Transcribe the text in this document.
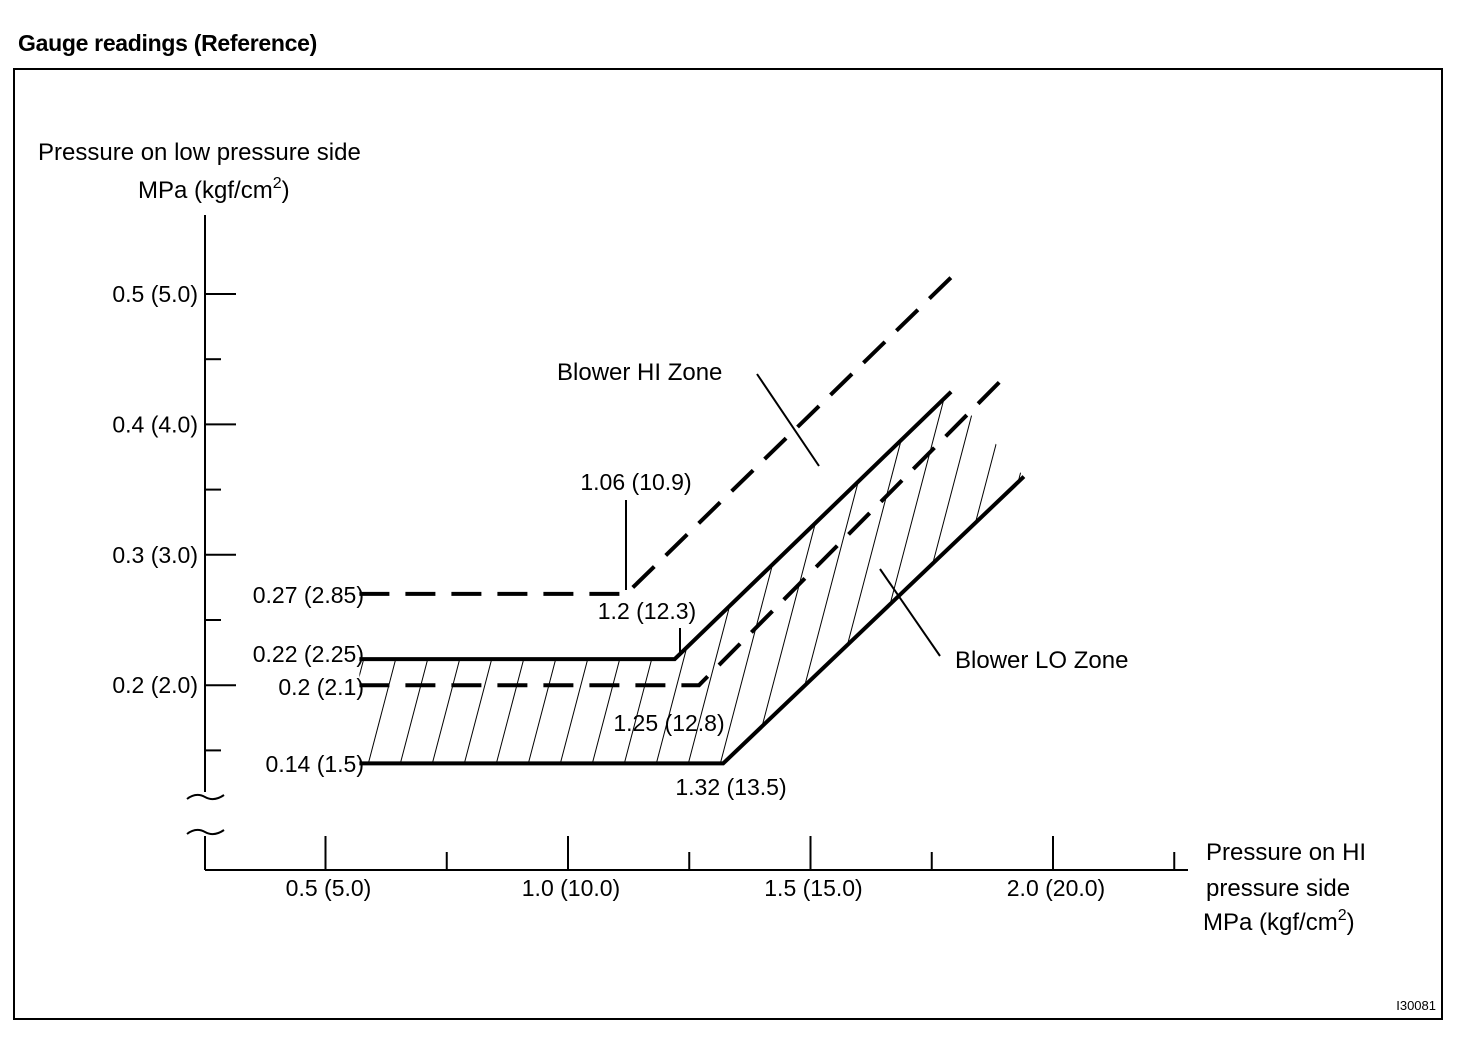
Gauge readings (Reference)
0.2 (2.0)
0.3 (3.0)
0.4 (4.0)
0.5 (5.0)
0.5 (5.0)	1.0 (10.0)	1.5 (15.0)	2.0 (20.0)
Pressure on low pressure side
MPa $(kgf/cm^2)$
Pressure on HI
pressure side
MPa $(kgf/cm^2)$
0.27 (2.85)
0.22 (2.25)
0.2 (2.1)
0.14 (1.5)
1.06 (10.9)
1.2 (12.3)
1.25 (12.8)
1.32 (13.5)
Blower HI Zone
Blower LO Zone
I30081
